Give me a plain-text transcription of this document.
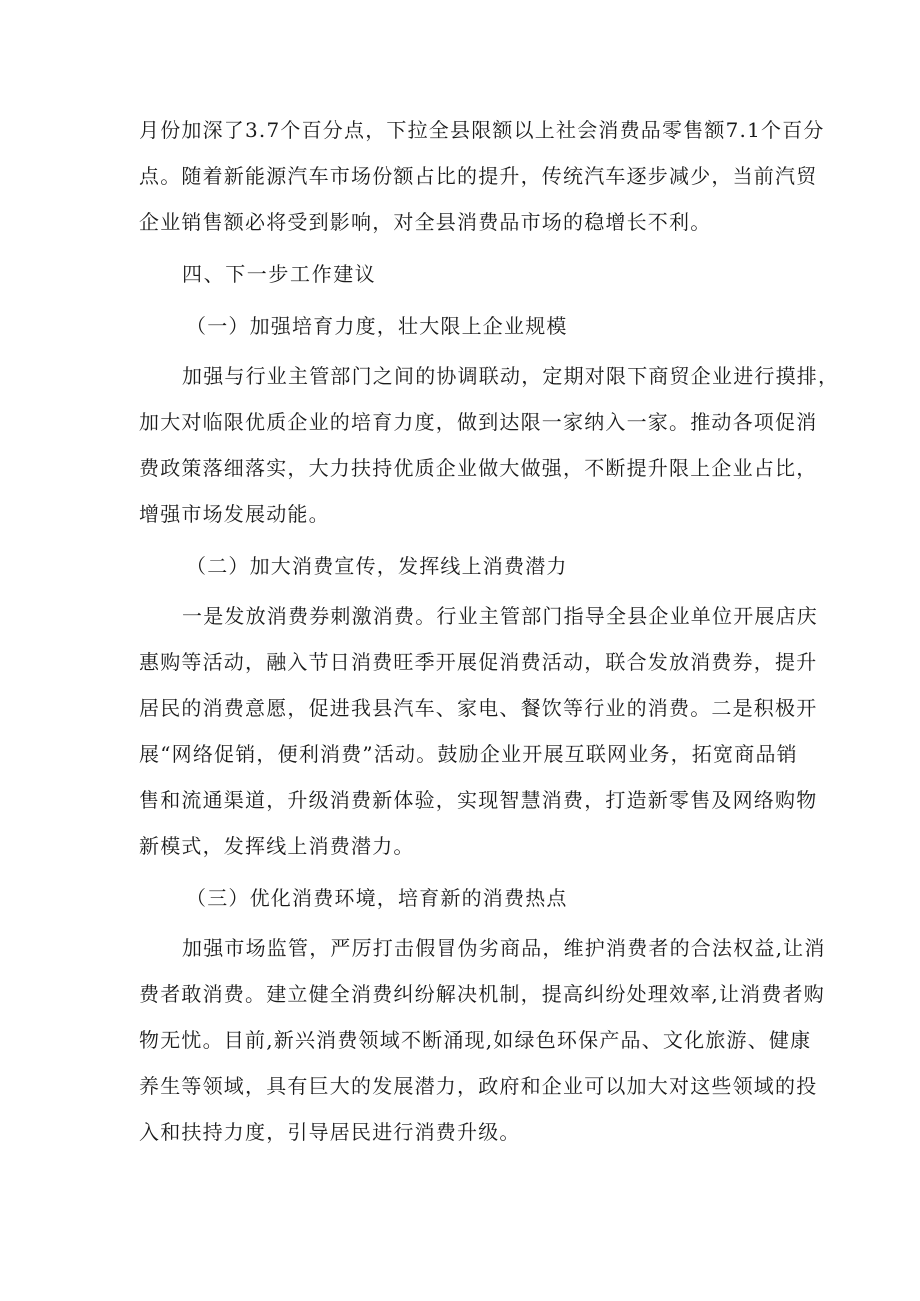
月份加深了3.7个百分点，下拉全县限额以上社会消费品零售额7.1个百分
点。随着新能源汽车市场份额占比的提升，传统汽车逐步减少，当前汽贸
企业销售额必将受到影响，对全县消费品市场的稳增长不利。
四、下一步工作建议
（一）加强培育力度，壮大限上企业规模
加强与行业主管部门之间的协调联动，定期对限下商贸企业进行摸排，
加大对临限优质企业的培育力度，做到达限一家纳入一家。推动各项促消
费政策落细落实，大力扶持优质企业做大做强，不断提升限上企业占比，
增强市场发展动能。
（二）加大消费宣传，发挥线上消费潜力
一是发放消费券刺激消费。行业主管部门指导全县企业单位开展店庆
惠购等活动，融入节日消费旺季开展促消费活动，联合发放消费券，提升
居民的消费意愿，促进我县汽车、家电、餐饮等行业的消费。二是积极开
展“网络促销，便利消费”活动。鼓励企业开展互联网业务，拓宽商品销
售和流通渠道，升级消费新体验，实现智慧消费，打造新零售及网络购物
新模式，发挥线上消费潜力。
（三）优化消费环境，培育新的消费热点
加强市场监管，严厉打击假冒伪劣商品，维护消费者的合法权益,让消
费者敢消费。建立健全消费纠纷解决机制，提高纠纷处理效率,让消费者购
物无忧。目前,新兴消费领域不断涌现,如绿色环保产品、文化旅游、健康
养生等领域，具有巨大的发展潜力，政府和企业可以加大对这些领域的投
入和扶持力度，引导居民进行消费升级。
